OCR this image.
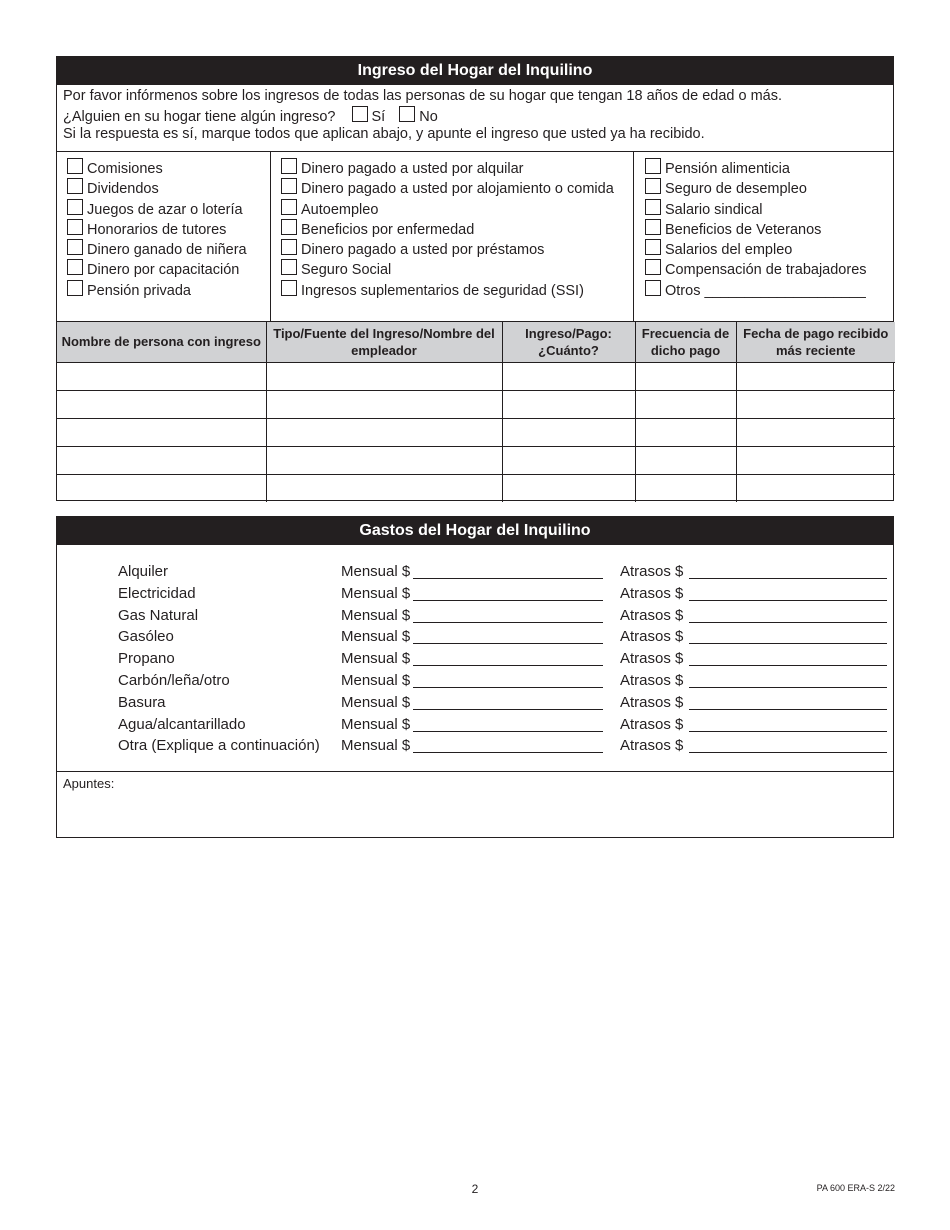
Ingreso del Hogar del Inquilino
Por favor infórmenos sobre los ingresos de todas las personas de su hogar que tengan 18 años de edad o más.
¿Alguien en su hogar tiene algún ingreso? Sí No
Si la respuesta es sí, marque todos que aplican abajo, y apunte el ingreso que usted ya ha recibido.
Comisiones
Dividendos
Juegos de azar o lotería
Honorarios de tutores
Dinero ganado de niñera
Dinero por capacitación
Pensión privada
Dinero pagado a usted por alquilar
Dinero pagado a usted por alojamiento o comida
Autoempleo
Beneficios por enfermedad
Dinero pagado a usted por préstamos
Seguro Social
Ingresos suplementarios de seguridad (SSI)
Pensión alimenticia
Seguro de desempleo
Salario sindical
Beneficios de Veteranos
Salarios del empleo
Compensación de trabajadores
Otros ____________________
Nombre de persona con ingreso	Tipo/Fuente del Ingreso/Nombre del empleador	Ingreso/Pago: ¿Cuánto?	Frecuencia de dicho pago	Fecha de pago recibido más reciente

Gastos del Hogar del Inquilino
Alquiler	Mensual $	Atrasos $
Electricidad	Mensual $	Atrasos $
Gas Natural	Mensual $	Atrasos $
Gasóleo	Mensual $	Atrasos $
Propano	Mensual $	Atrasos $
Carbón/leña/otro	Mensual $	Atrasos $
Basura	Mensual $	Atrasos $
Agua/alcantarillado	Mensual $	Atrasos $
Otra (Explique a continuación) Mensual $	Atrasos $
Apuntes:
2	PA 600 ERA-S 2/22
